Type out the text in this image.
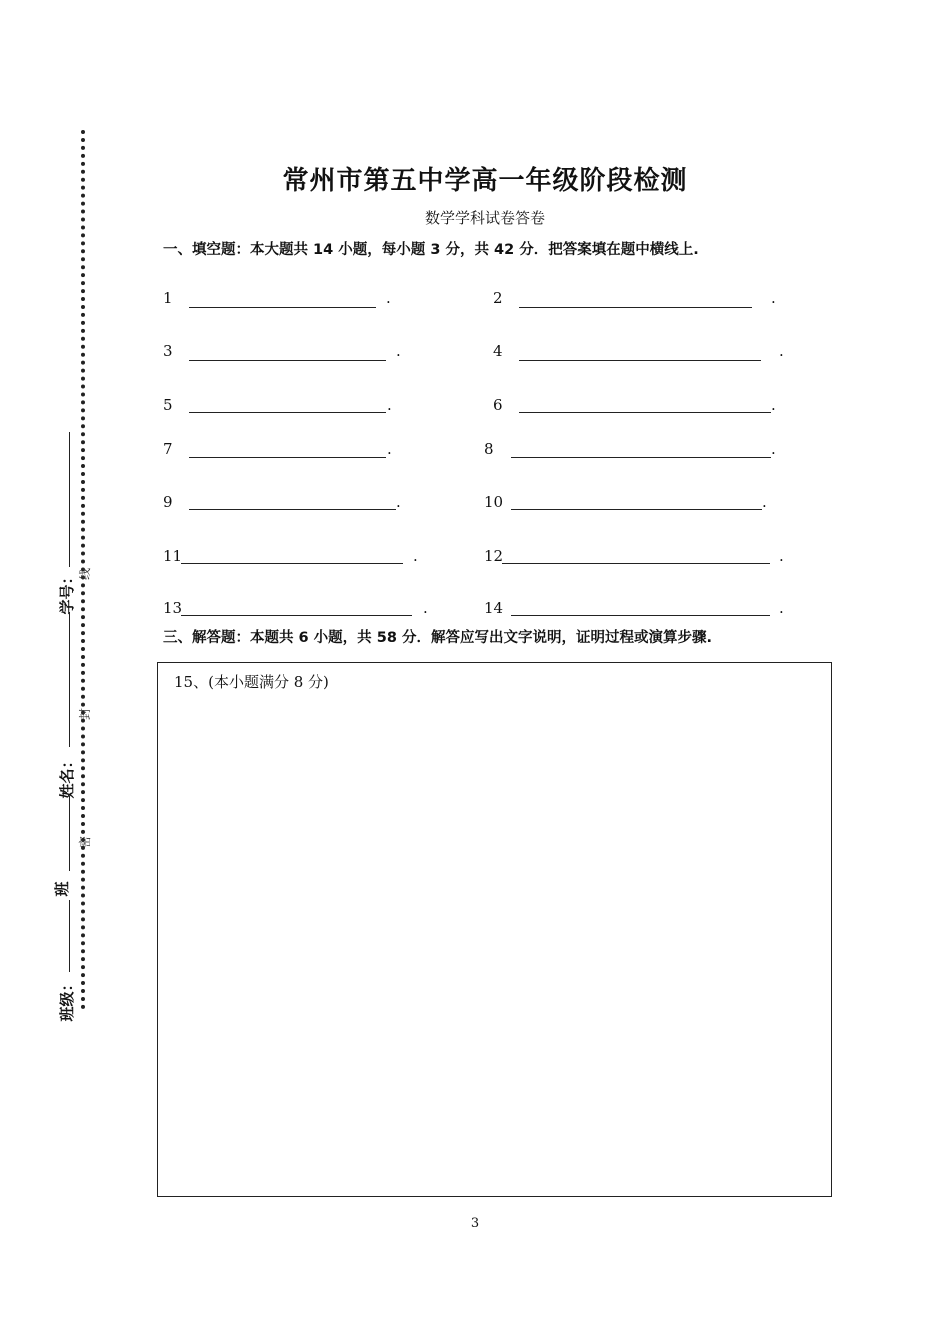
学号：
姓名：
班
班级：
线
封
密
常州市第五中学高一年级阶段检测
数学学科试卷答卷
一、填空题：本大题共 14 小题，每小题 3 分，共 42 分．把答案填在题中横线上.
1	.	2	.
3	.	4	.
5	.	6	.
7	.	8	.
9	.	10	.
11	.	12	.
13	.	14	.
三、解答题：本题共 6 小题，共 58 分．解答应写出文字说明，证明过程或演算步骤.
15、(本小题满分 8 分)
3
